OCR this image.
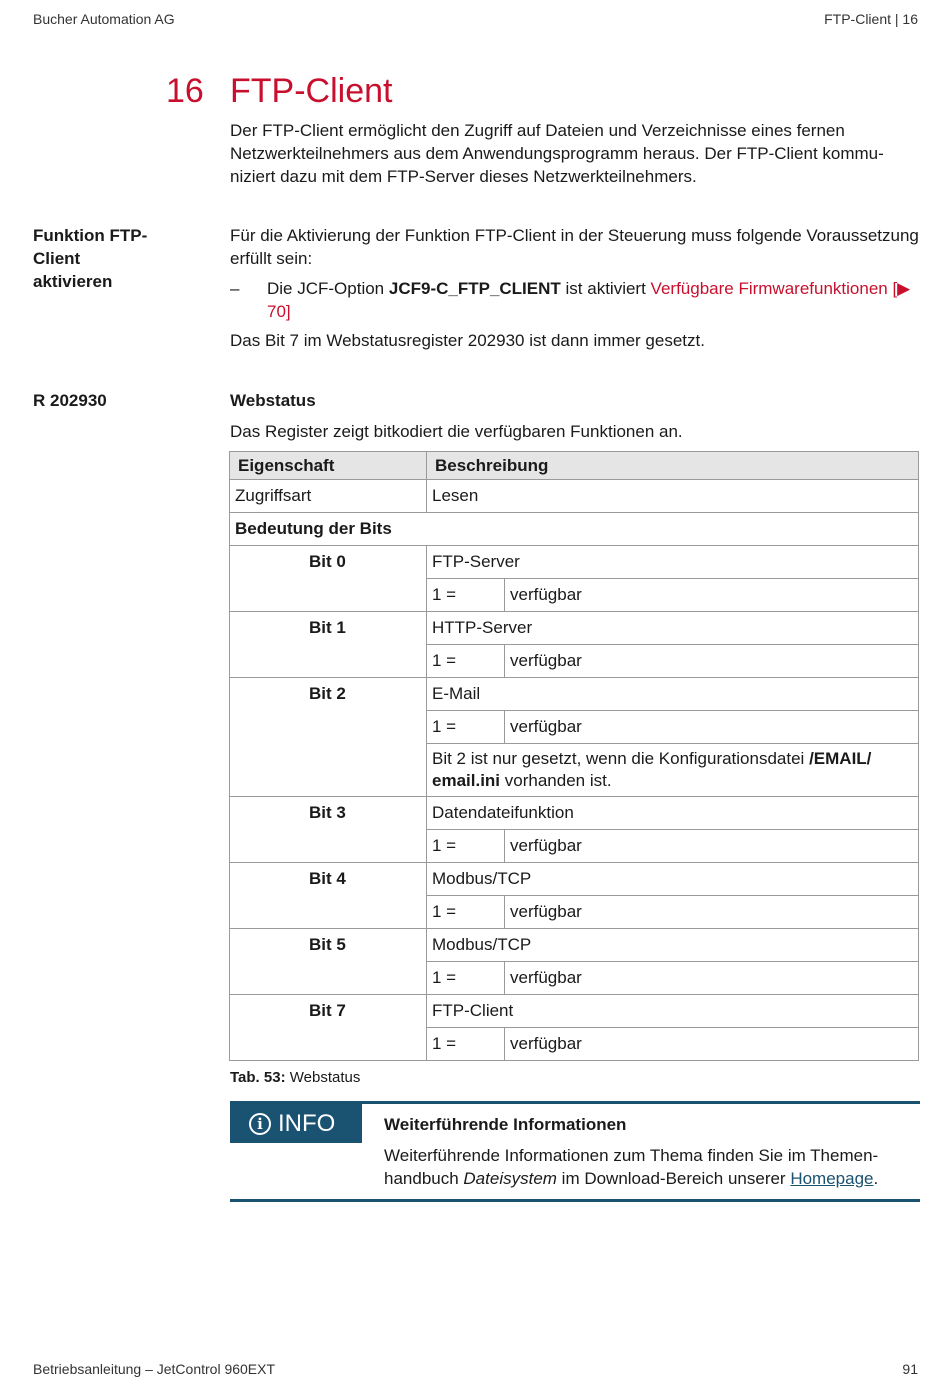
Bucher Automation AG	FTP-Client | 16
16 FTP-Client
Der FTP-Client ermöglicht den Zugriff auf Dateien und Verzeichnisse eines fernen Netzwerkteilnehmers aus dem Anwendungsprogramm heraus. Der FTP-Client kommuniziert dazu mit dem FTP-Server dieses Netzwerkteilnehmers.
Funktion FTP-Client aktivieren
Für die Aktivierung der Funktion FTP-Client in der Steuerung muss folgende Voraussetzung erfüllt sein:
– Die JCF-Option JCF9-C_FTP_CLIENT ist aktiviert Verfügbare Firmwarefunktionen [▶ 70]
Das Bit 7 im Webstatusregister 202930 ist dann immer gesetzt.
R 202930	Webstatus
Das Register zeigt bitkodiert die verfügbaren Funktionen an.
Eigenschaft	Beschreibung	
Zugriffsart	Lesen	
Bedeutung der Bits		
Bit 0	FTP-Server	
	1 =	verfügbar
Bit 1	HTTP-Server	
	1 =	verfügbar
Bit 2	E-Mail	
	1 =	verfügbar
	Bit 2 ist nur gesetzt, wenn die Konfigurationsdatei /EMAIL/ email.ini vorhanden ist.	
Bit 3	Datendateifunktion	
	1 =	verfügbar
Bit 4	Modbus/TCP	
	1 =	verfügbar
Bit 5	Modbus/TCP	
	1 =	verfügbar
Bit 7	FTP-Client	
	1 =	verfügbar
Tab. 53: Webstatus
i INFO	Weiterführende Informationen
Weiterführende Informationen zum Thema finden Sie im Themenhandbuch Dateisystem im Download-Bereich unserer Homepage.
Betriebsanleitung – JetControl 960EXT	91
